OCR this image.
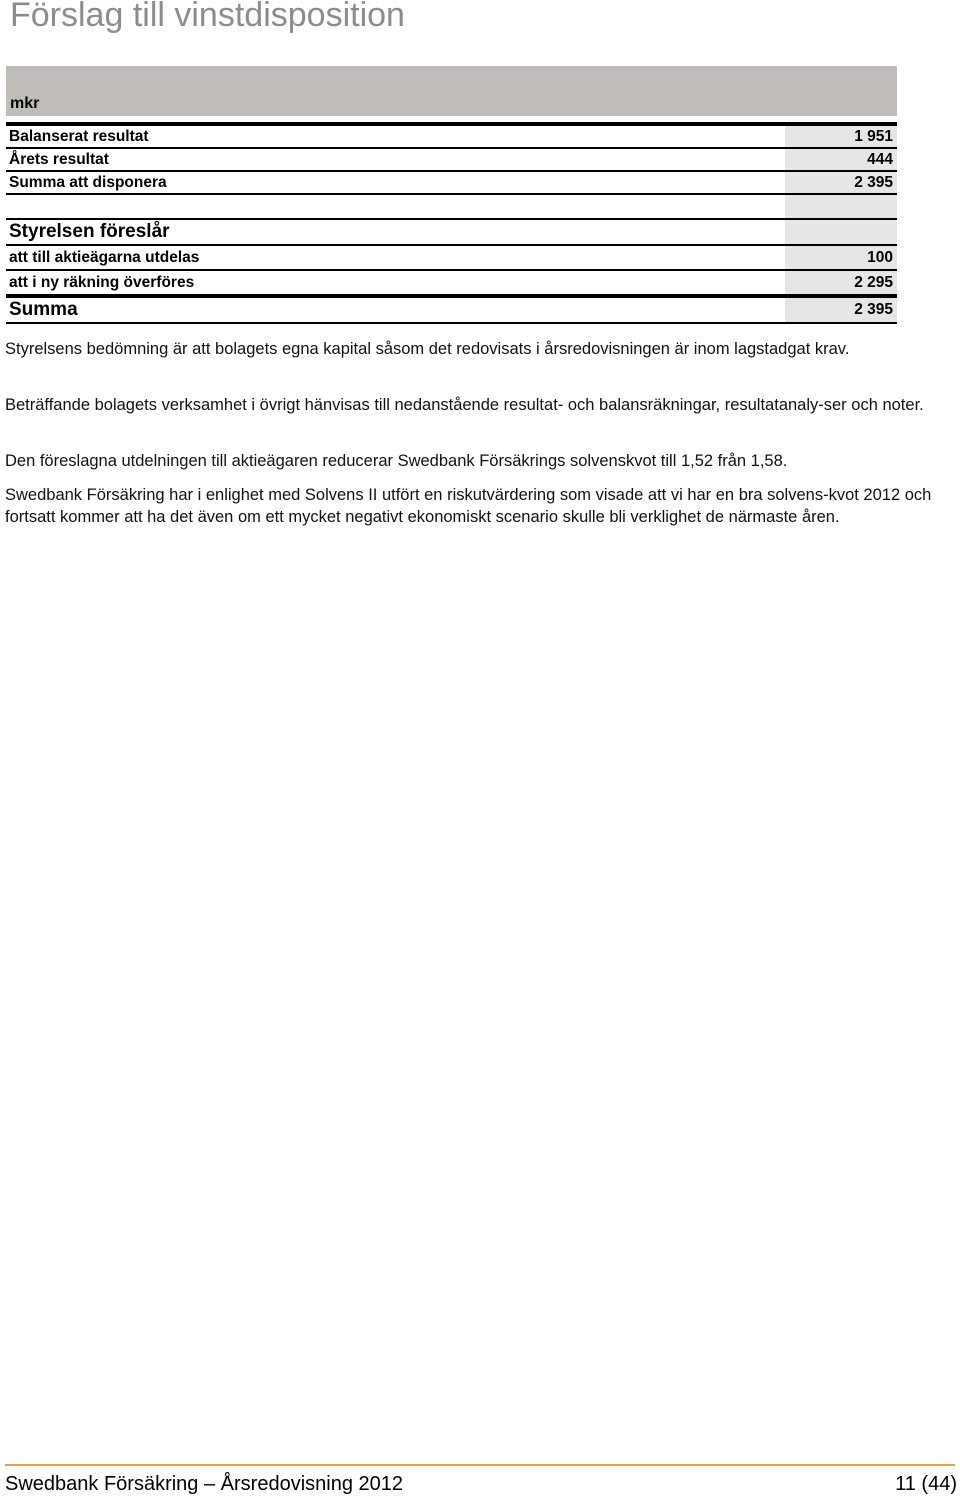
Förslag till vinstdisposition
mkr
Balanserat resultat	1 951
Årets resultat	444
Summa att disponera	2 395
Styrelsen föreslår
att till aktieägarna utdelas	100
att i ny räkning överföres	2 295
Summa	2 395
Styrelsens bedömning är att bolagets egna kapital såsom det redovisats i årsredovisningen är inom lagstadgat krav.
Beträffande bolagets verksamhet i övrigt hänvisas till nedanstående resultat- och balansräkningar, resultatanaly-ser och noter.
Den föreslagna utdelningen till aktieägaren reducerar Swedbank Försäkrings solvenskvot till 1,52 från 1,58.
Swedbank Försäkring har i enlighet med Solvens II utfört en riskutvärdering som visade att vi har en bra solvens-kvot 2012 och fortsatt kommer att ha det även om ett mycket negativt ekonomiskt scenario skulle bli verklighet de närmaste åren.
Swedbank Försäkring – Årsredovisning 2012	11 (44)
